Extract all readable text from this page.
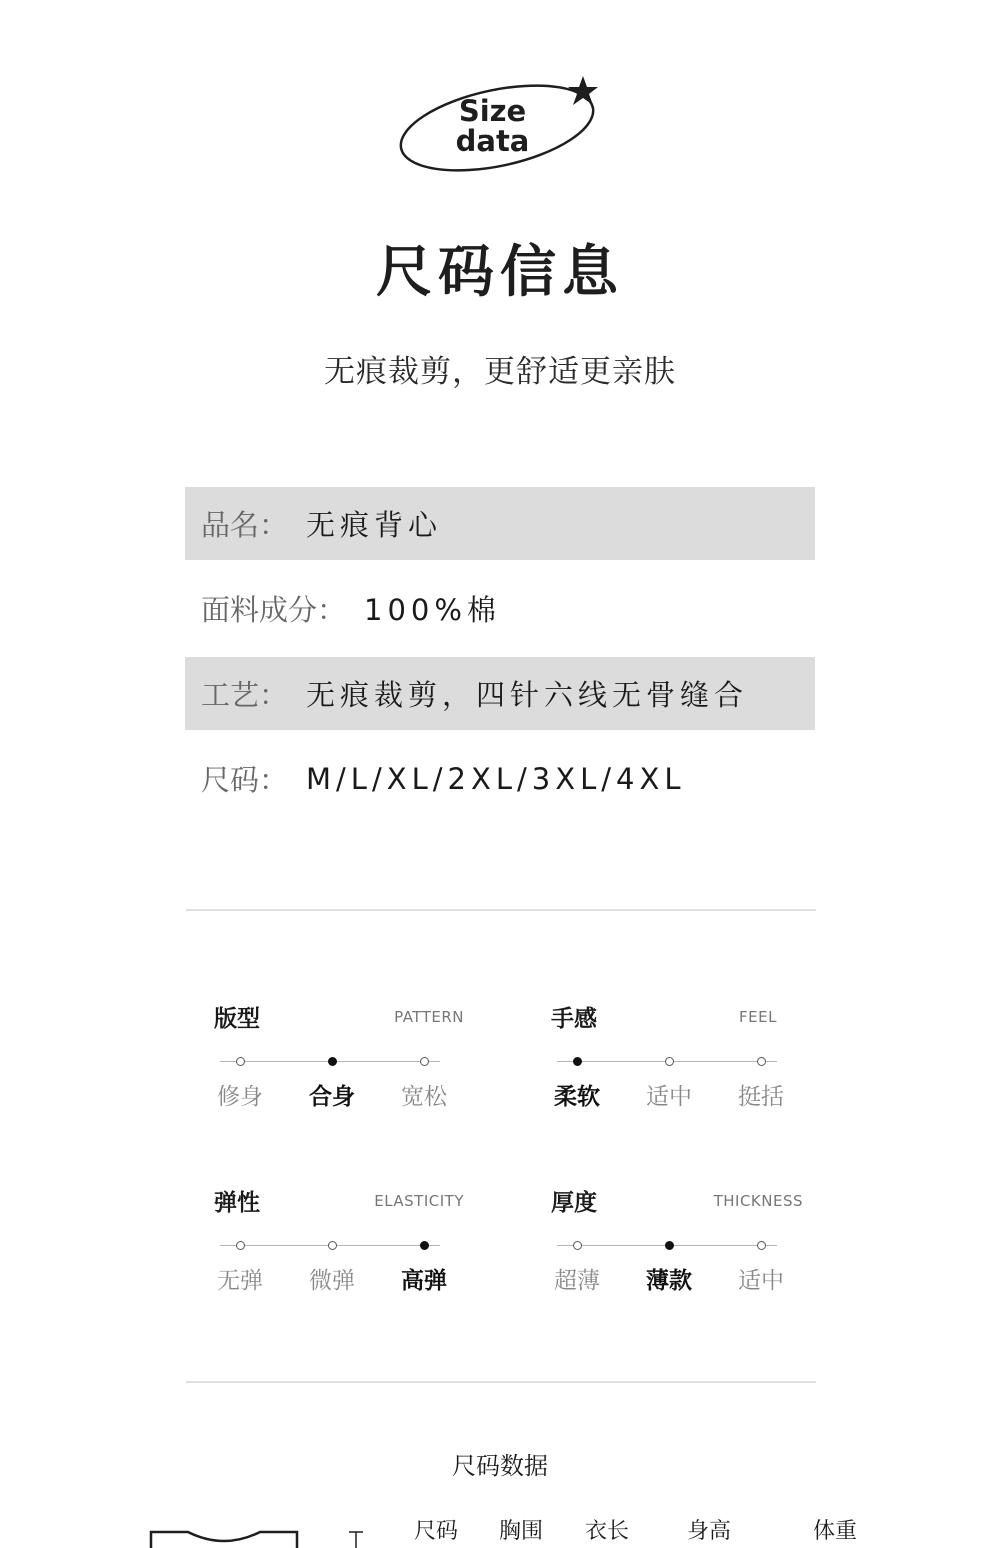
Size
data
尺码信息
无痕裁剪，更舒适更亲肤
品名： 无痕背心
面料成分： 100%棉
工艺： 无痕裁剪，四针六线无骨缝合
尺码： M/L/XL/2XL/3XL/4XL
版型	PATTERN
修身	合身	宽松
手感	FEEL
柔软	适中	挺括
弹性	ELASTICITY
无弹	微弹	高弹
厚度	THICKNESS
超薄	薄款	适中
尺码数据
尺码 胸围 衣长	身高	体重
